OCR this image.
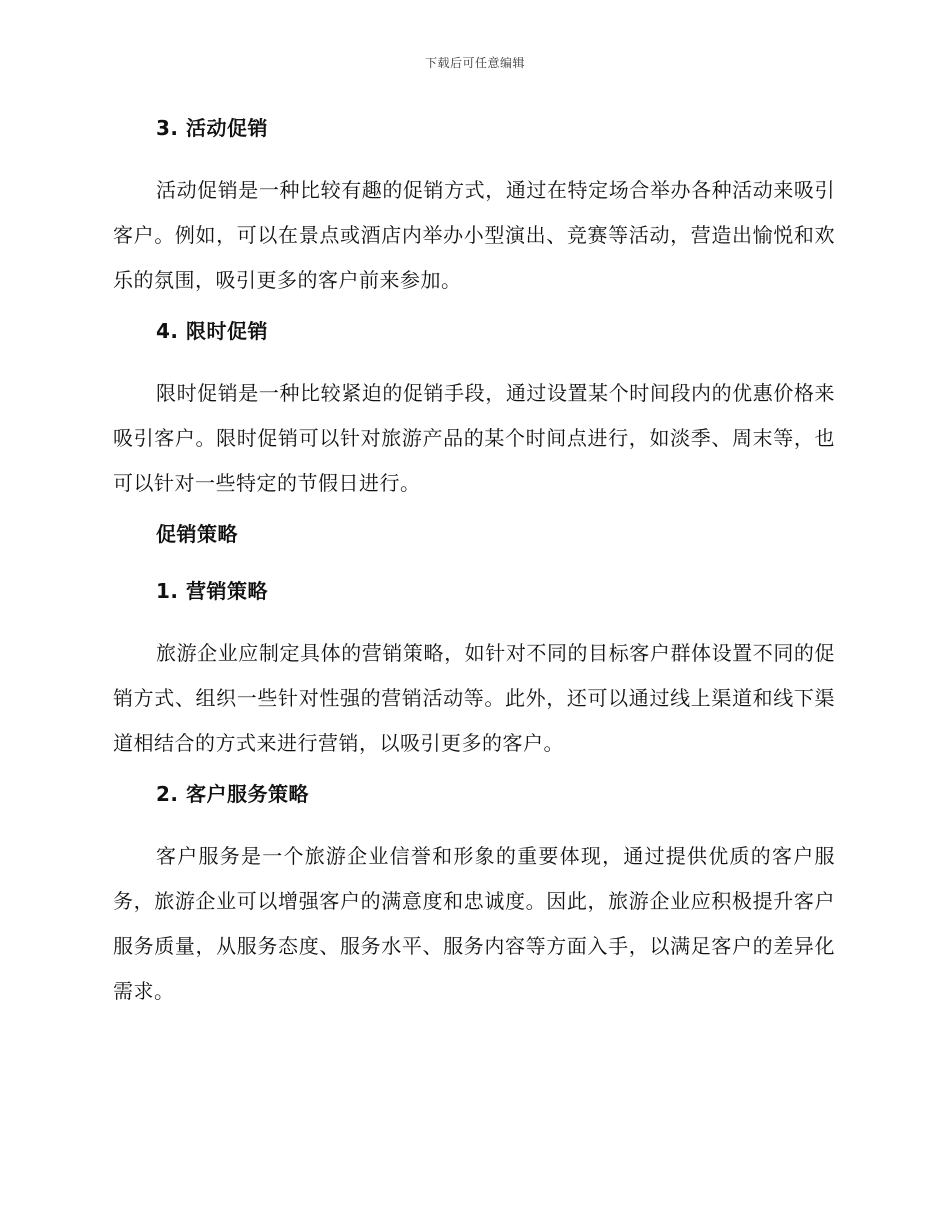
下载后可任意编辑
3. 活动促销

活动促销是一种比较有趣的促销方式，通过在特定场合举办各种活动来吸引客户。例如，可以在景点或酒店内举办小型演出、竞赛等活动，营造出愉悦和欢乐的氛围，吸引更多的客户前来参加。

4. 限时促销

限时促销是一种比较紧迫的促销手段，通过设置某个时间段内的优惠价格来吸引客户。限时促销可以针对旅游产品的某个时间点进行，如淡季、周末等，也可以针对一些特定的节假日进行。

促销策略
1. 营销策略

旅游企业应制定具体的营销策略，如针对不同的目标客户群体设置不同的促销方式、组织一些针对性强的营销活动等。此外，还可以通过线上渠道和线下渠道相结合的方式来进行营销，以吸引更多的客户。

2. 客户服务策略

客户服务是一个旅游企业信誉和形象的重要体现，通过提供优质的客户服务，旅游企业可以增强客户的满意度和忠诚度。因此，旅游企业应积极提升客户服务质量，从服务态度、服务水平、服务内容等方面入手，以满足客户的差异化需求。
